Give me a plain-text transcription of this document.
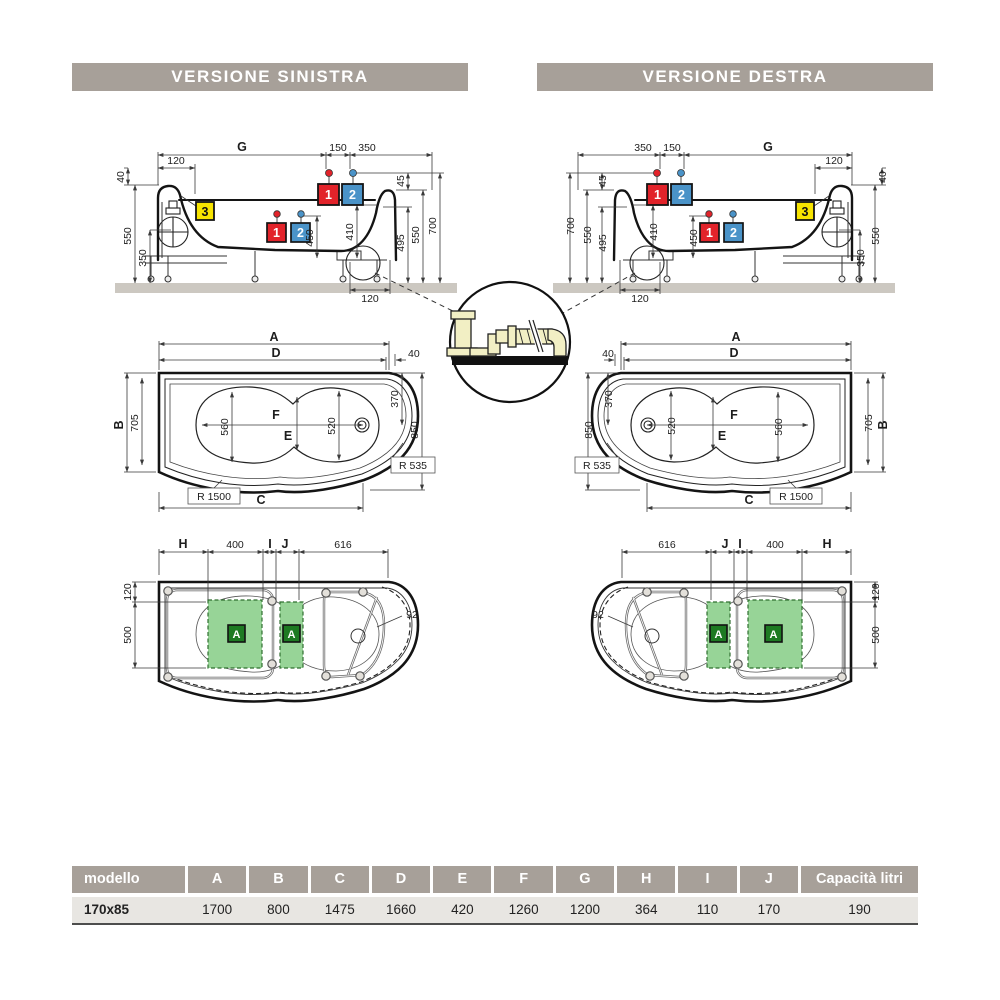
VERSIONE SINISTRA	VERSIONE DESTRA
1 2
1 2
3
G	150 350
120
40
550
350
450	410
45
495 550
700
120
1 2
1 2
3
G
150
350
120
40
550
350
450
410
45
495
550
700
120
A
D	40
B 705	F
E
560	520
370
850
R 535
R 1500 C
A
D
40
B
705
F
E
560
520
370
850
R 535
R 1500
C
A	A
H	400 I J	616
120
500
92
A	A
H
400
I
J
616
120
500
92
modello	A	B	C	D	E	F	G	H	I	J	Capacità litri
170x85	1700	800	1475	1660	420	1260	1200	364	110	170	190
